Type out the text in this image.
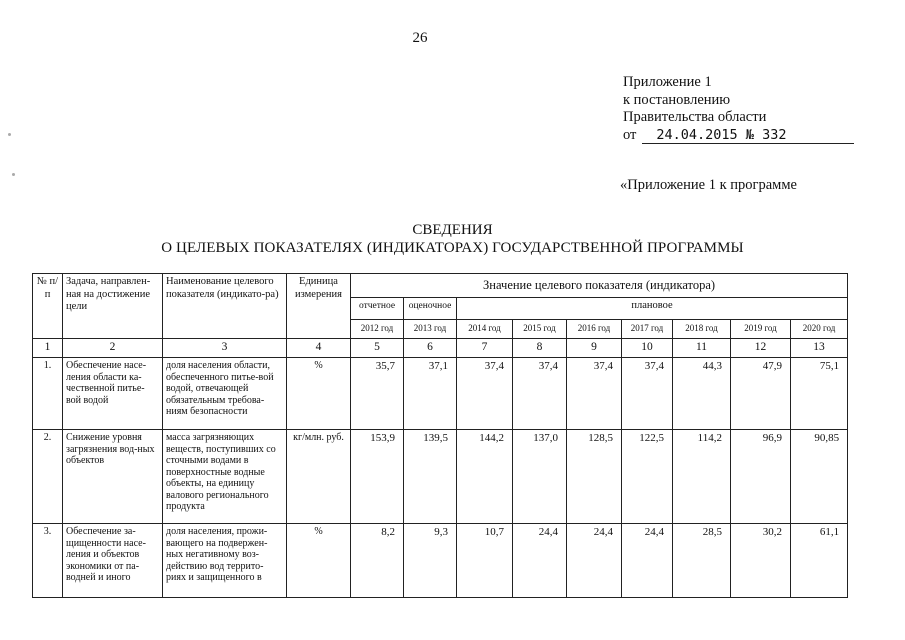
26
Приложение 1
к постановлению
Правительства области
от	24.04.2015 № 332
«Приложение 1 к программе
СВЕДЕНИЯ
О ЦЕЛЕВЫХ ПОКАЗАТЕЛЯХ (ИНДИКАТОРАХ) ГОСУДАРСТВЕННОЙ ПРОГРАММЫ
№ п/п	Задача, направлен-ная на достижение цели	Наименование целевого показателя (индикато-ра)	Единица измерения	Значение целевого показателя (индикатора)								
				отчетное	оценочное	плановое						
				2012 год	2013 год	2014 год	2015 год	2016 год	2017 год	2018 год	2019 год	2020 год
1	2	3	4	5	6	7	8	9	10	11	12	13
1.	Обеспечение насе-ления области ка-чественной питье-вой водой	доля населения области, обеспеченного питье-вой водой, отвечающей обязательным требова-ниям безопасности	%	35,7	37,1	37,4	37,4	37,4	37,4	44,3	47,9	75,1
2.	Снижение уровня загрязнения вод-ных объектов	масса загрязняющих веществ, поступивших со сточными водами в поверхностные водные объекты, на единицу валового регионального продукта	кг/млн. руб.	153,9	139,5	144,2	137,0	128,5	122,5	114,2	96,9	90,85
3.	Обеспечение за-щищенности насе-ления и объектов экономики от па-водней и иного	доля населения, прожи-вающего на подвержен-ных негативному воз-действию вод террито-риях и защищенного в	%	8,2	9,3	10,7	24,4	24,4	24,4	28,5	30,2	61,1
